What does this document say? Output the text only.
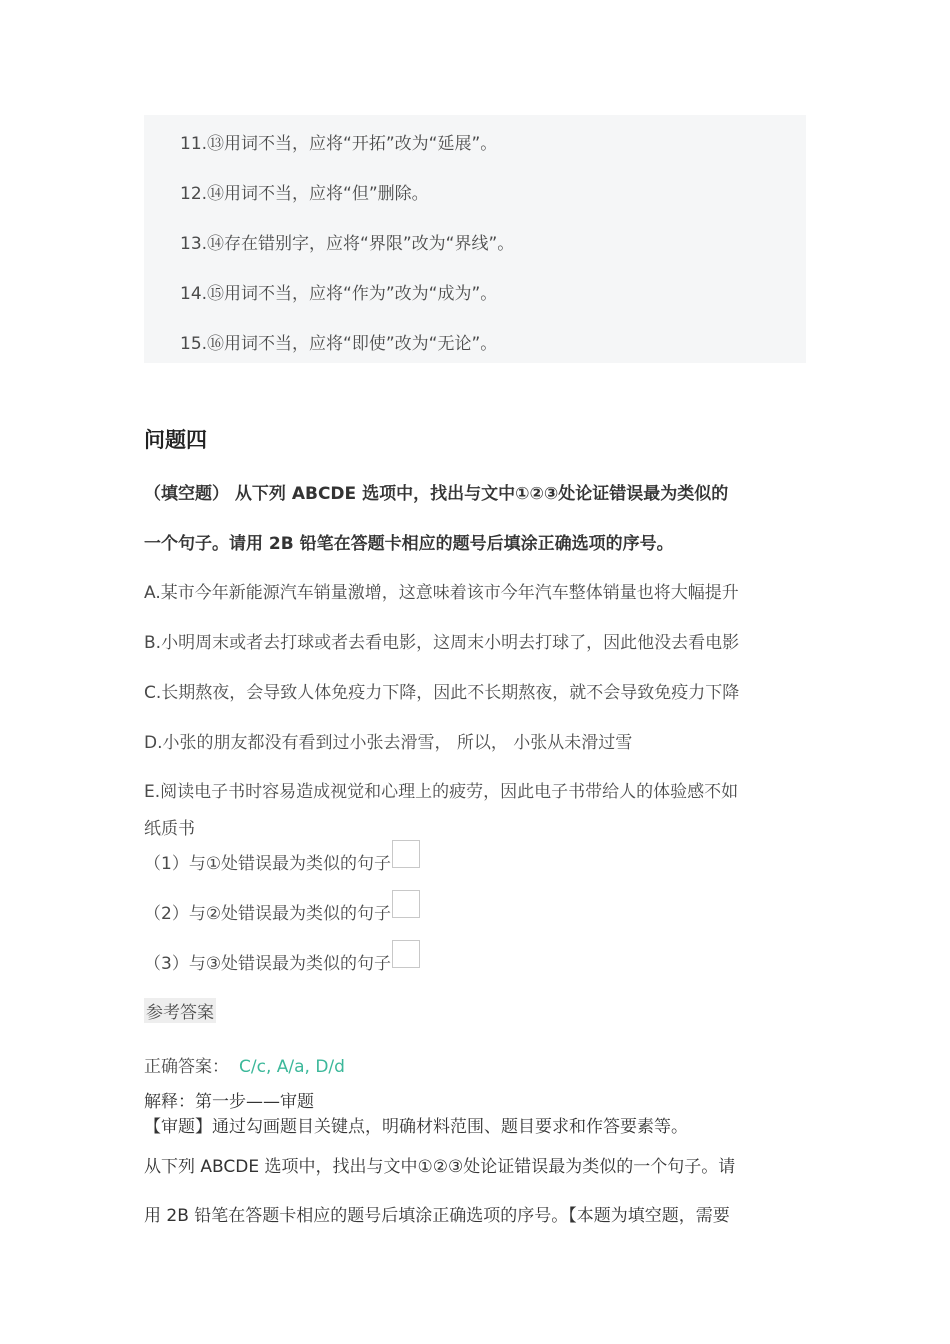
11.⑬用词不当，应将“开拓”改为“延展”。
12.⑭用词不当，应将“但”删除。
13.⑭存在错别字，应将“界限”改为“界线”。
14.⑮用词不当，应将“作为”改为“成为”。
15.⑯用词不当，应将“即使”改为“无论”。
问题四
（填空题） 从下列 ABCDE 选项中，找出与文中①②③处论证错误最为类似的
一个句子。请用 2B 铅笔在答题卡相应的题号后填涂正确选项的序号。
A.某市今年新能源汽车销量激增，这意味着该市今年汽车整体销量也将大幅提升
B.小明周末或者去打球或者去看电影，这周末小明去打球了，因此他没去看电影
C.长期熬夜，会导致人体免疫力下降，因此不长期熬夜，就不会导致免疫力下降
D.小张的朋友都没有看到过小张去滑雪， 所以， 小张从未滑过雪
E.阅读电子书时容易造成视觉和心理上的疲劳，因此电子书带给人的体验感不如
纸质书
（1）与①处错误最为类似的句子
（2）与②处错误最为类似的句子
（3）与③处错误最为类似的句子
参考答案
正确答案： C/c, A/a, D/d
解释：第一步——审题
【审题】通过勾画题目关键点，明确材料范围、题目要求和作答要素等。
从下列 ABCDE 选项中，找出与文中①②③处论证错误最为类似的一个句子。请
用 2B 铅笔在答题卡相应的题号后填涂正确选项的序号。【本题为填空题，需要
